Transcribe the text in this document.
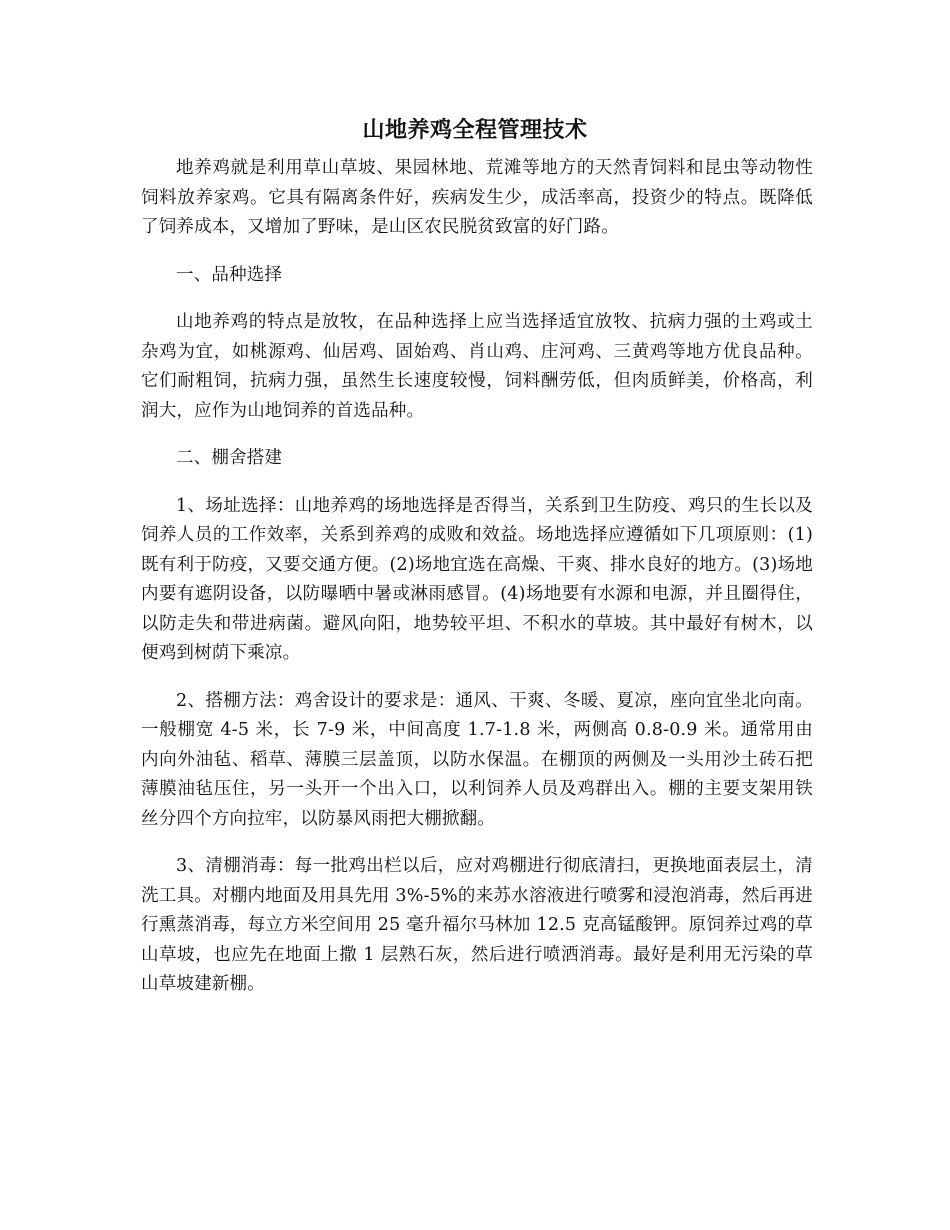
山地养鸡全程管理技术

地养鸡就是利用草山草坡、果园林地、荒滩等地方的天然青饲料和昆虫等动物性饲料放养家鸡。它具有隔离条件好，疾病发生少，成活率高，投资少的特点。既降低了饲养成本，又增加了野味，是山区农民脱贫致富的好门路。

一、品种选择

山地养鸡的特点是放牧，在品种选择上应当选择适宜放牧、抗病力强的土鸡或土杂鸡为宜，如桃源鸡、仙居鸡、固始鸡、肖山鸡、庄河鸡、三黄鸡等地方优良品种。它们耐粗饲，抗病力强，虽然生长速度较慢，饲料酬劳低，但肉质鲜美，价格高，利润大，应作为山地饲养的首选品种。

二、棚舍搭建

1、场址选择：山地养鸡的场地选择是否得当，关系到卫生防疫、鸡只的生长以及饲养人员的工作效率，关系到养鸡的成败和效益。场地选择应遵循如下几项原则：(1)既有利于防疫，又要交通方便。(2)场地宜选在高燥、干爽、排水良好的地方。(3)场地内要有遮阴设备，以防曝晒中暑或淋雨感冒。(4)场地要有水源和电源，并且圈得住，以防走失和带进病菌。避风向阳，地势较平坦、不积水的草坡。其中最好有树木，以便鸡到树荫下乘凉。

2、搭棚方法：鸡舍设计的要求是：通风、干爽、冬暖、夏凉，座向宜坐北向南。一般棚宽 4-5 米，长 7-9 米，中间高度 1.7-1.8 米，两侧高 0.8-0.9 米。通常用由内向外油毡、稻草、薄膜三层盖顶，以防水保温。在棚顶的两侧及一头用沙土砖石把薄膜油毡压住，另一头开一个出入口，以利饲养人员及鸡群出入。棚的主要支架用铁丝分四个方向拉牢，以防暴风雨把大棚掀翻。

3、清棚消毒：每一批鸡出栏以后，应对鸡棚进行彻底清扫，更换地面表层土，清洗工具。对棚内地面及用具先用 3%-5%的来苏水溶液进行喷雾和浸泡消毒，然后再进行熏蒸消毒，每立方米空间用 25 毫升福尔马林加 12.5 克高锰酸钾。原饲养过鸡的草山草坡，也应先在地面上撒 1 层熟石灰，然后进行喷洒消毒。最好是利用无污染的草山草坡建新棚。
